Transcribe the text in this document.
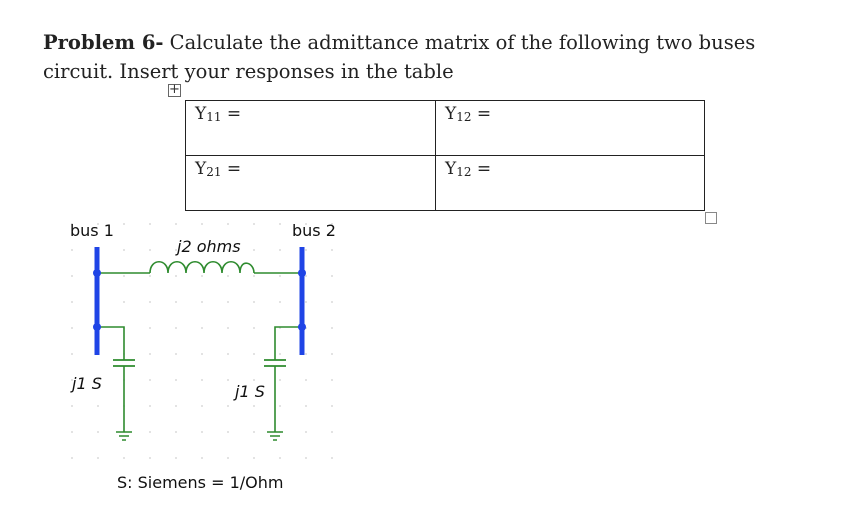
Problem 6- Calculate the admittance matrix of the following two buses circuit. Insert your responses in the table
+
$Y_{11}$ =	$Y_{12}$ =

$Y_{21}$ =	$Y_{12}$ =
bus 1	bus 2
j2 ohms
j1 S	j1 S
S: Siemens = 1/Ohm
